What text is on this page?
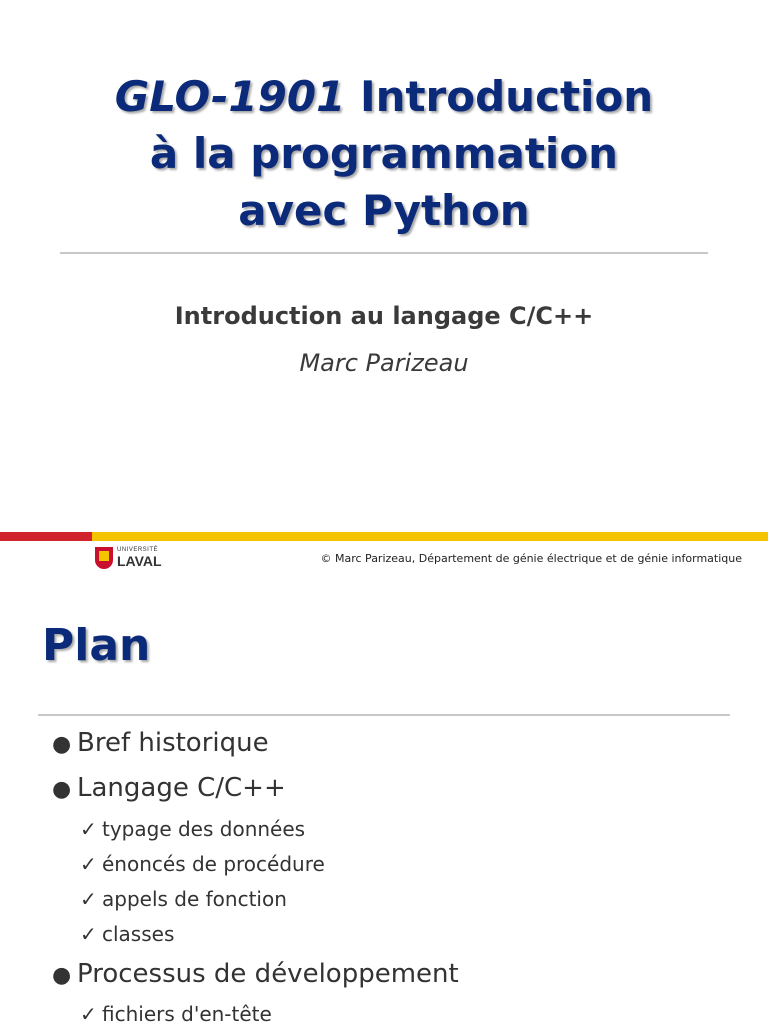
GLO-1901 Introduction
à la programmation
avec Python
Introduction au langage C/C++
Marc Parizeau
UNIVERSITÉ
LAVAL	© Marc Parizeau, Département de génie électrique et de génie informatique
Plan
● Bref historique
● Langage C/C++
✓ typage des données
✓ énoncés de procédure
✓ appels de fonction
✓ classes
● Processus de développement
✓ fichiers d'en-tête
